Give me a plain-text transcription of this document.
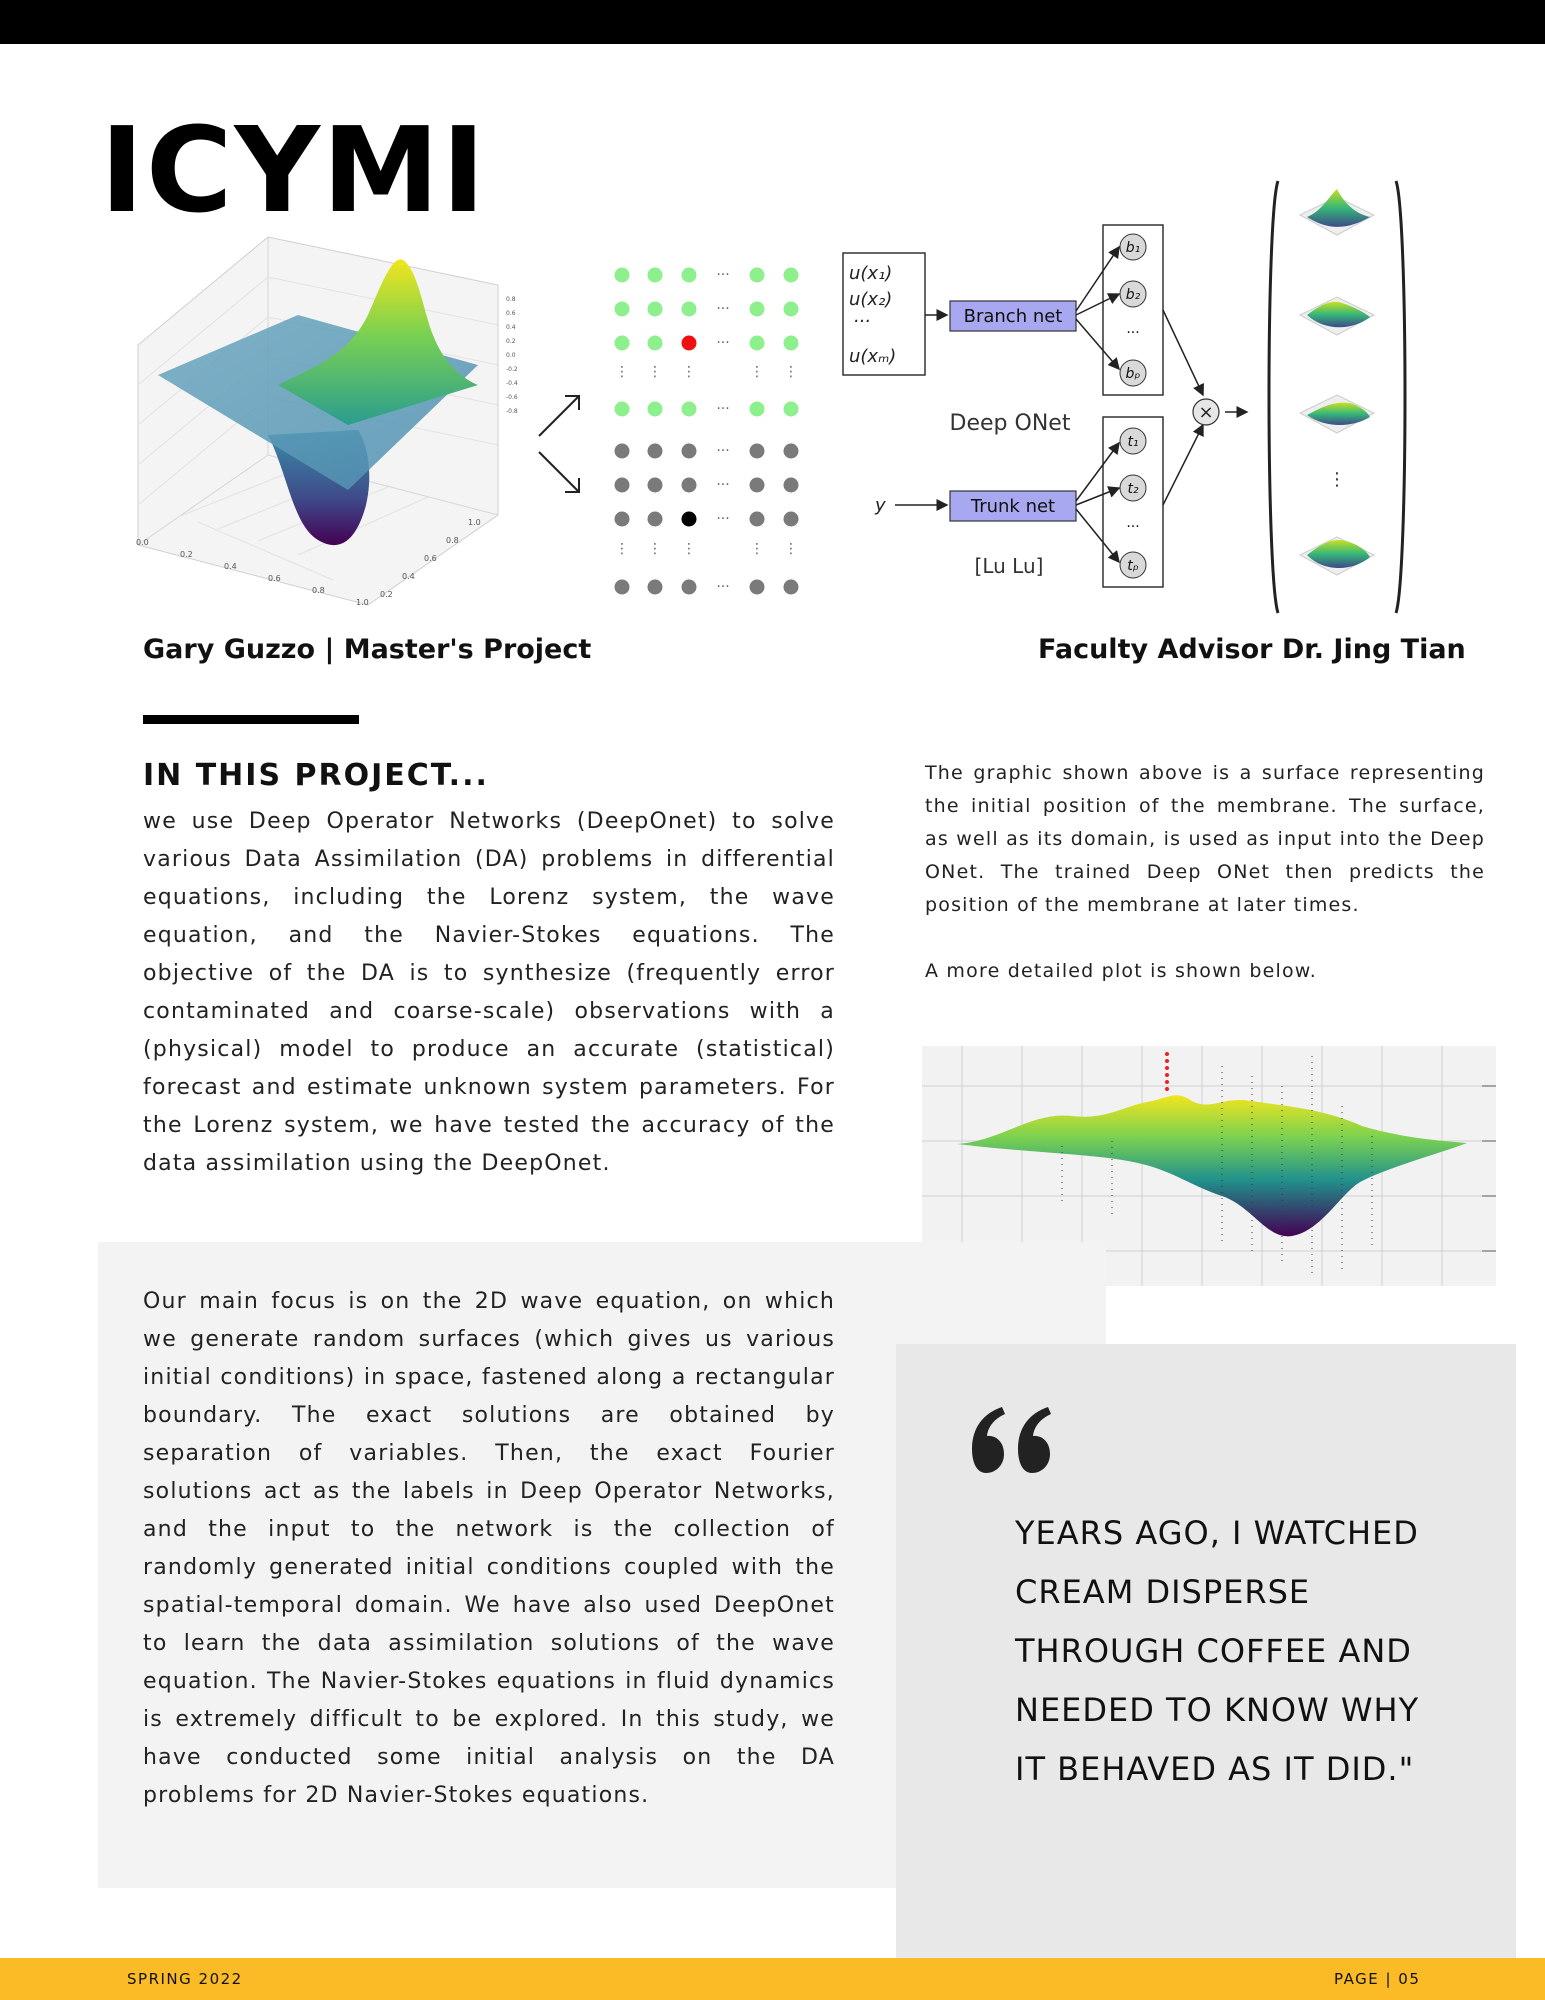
ICYMI
0.0
0.2
0.4
0.6
0.8
1.0
0.2
0.4
0.6
0.8
1.0
0.8
0.6
0.4
0.2
0.0
-0.2
-0.4
-0.6
-0.8
···
···
···
···
···
···
···
···
⋮ ⋮ ⋮	⋮ ⋮
⋮ ⋮ ⋮	⋮ ⋮
u(x₁)
u(x₂)
···
u(xₘ)
Branch net
Deep ONet
y	Trunk net
[Lu Lu]
b₁
b₂
···
bₚ
t₁
t₂
···
tₚ
×
⋮
Gary Guzzo | Master's Project	Faculty Advisor Dr. Jing Tian
IN THIS PROJECT...
we use Deep Operator Networks (DeepOnet) to solve various Data Assimilation (DA) problems in differential equations, including the Lorenz system, the wave equation, and the Navier-Stokes equations. The objective of the DA is to synthesize (frequently error contaminated and coarse-scale) observations with a (physical) model to produce an accurate (statistical) forecast and estimate unknown system parameters. For the Lorenz system, we have tested the accuracy of the data assimilation using the DeepOnet.

The graphic shown above is a surface representing the initial position of the membrane. The surface, as well as its domain, is used as input into the Deep ONet. The trained Deep ONet then predicts the position of the membrane at later times.

A more detailed plot is shown below.

Our main focus is on the 2D wave equation, on which we generate random surfaces (which gives us various initial conditions) in space, fastened along a rectangular boundary. The exact solutions are obtained by separation of variables. Then, the exact Fourier solutions act as the labels in Deep Operator Networks, and the input to the network is the collection of randomly generated initial conditions coupled with the spatial-temporal domain. We have also used DeepOnet to learn the data assimilation solutions of the wave equation. The Navier-Stokes equations in fluid dynamics is extremely difficult to be explored. In this study, we have conducted some initial analysis on the DA problems for 2D Navier-Stokes equations.
YEARS AGO, I WATCHED CREAM DISPERSE THROUGH COFFEE AND NEEDED TO KNOW WHY IT BEHAVED AS IT DID."
SPRING 2022	PAGE | 05
